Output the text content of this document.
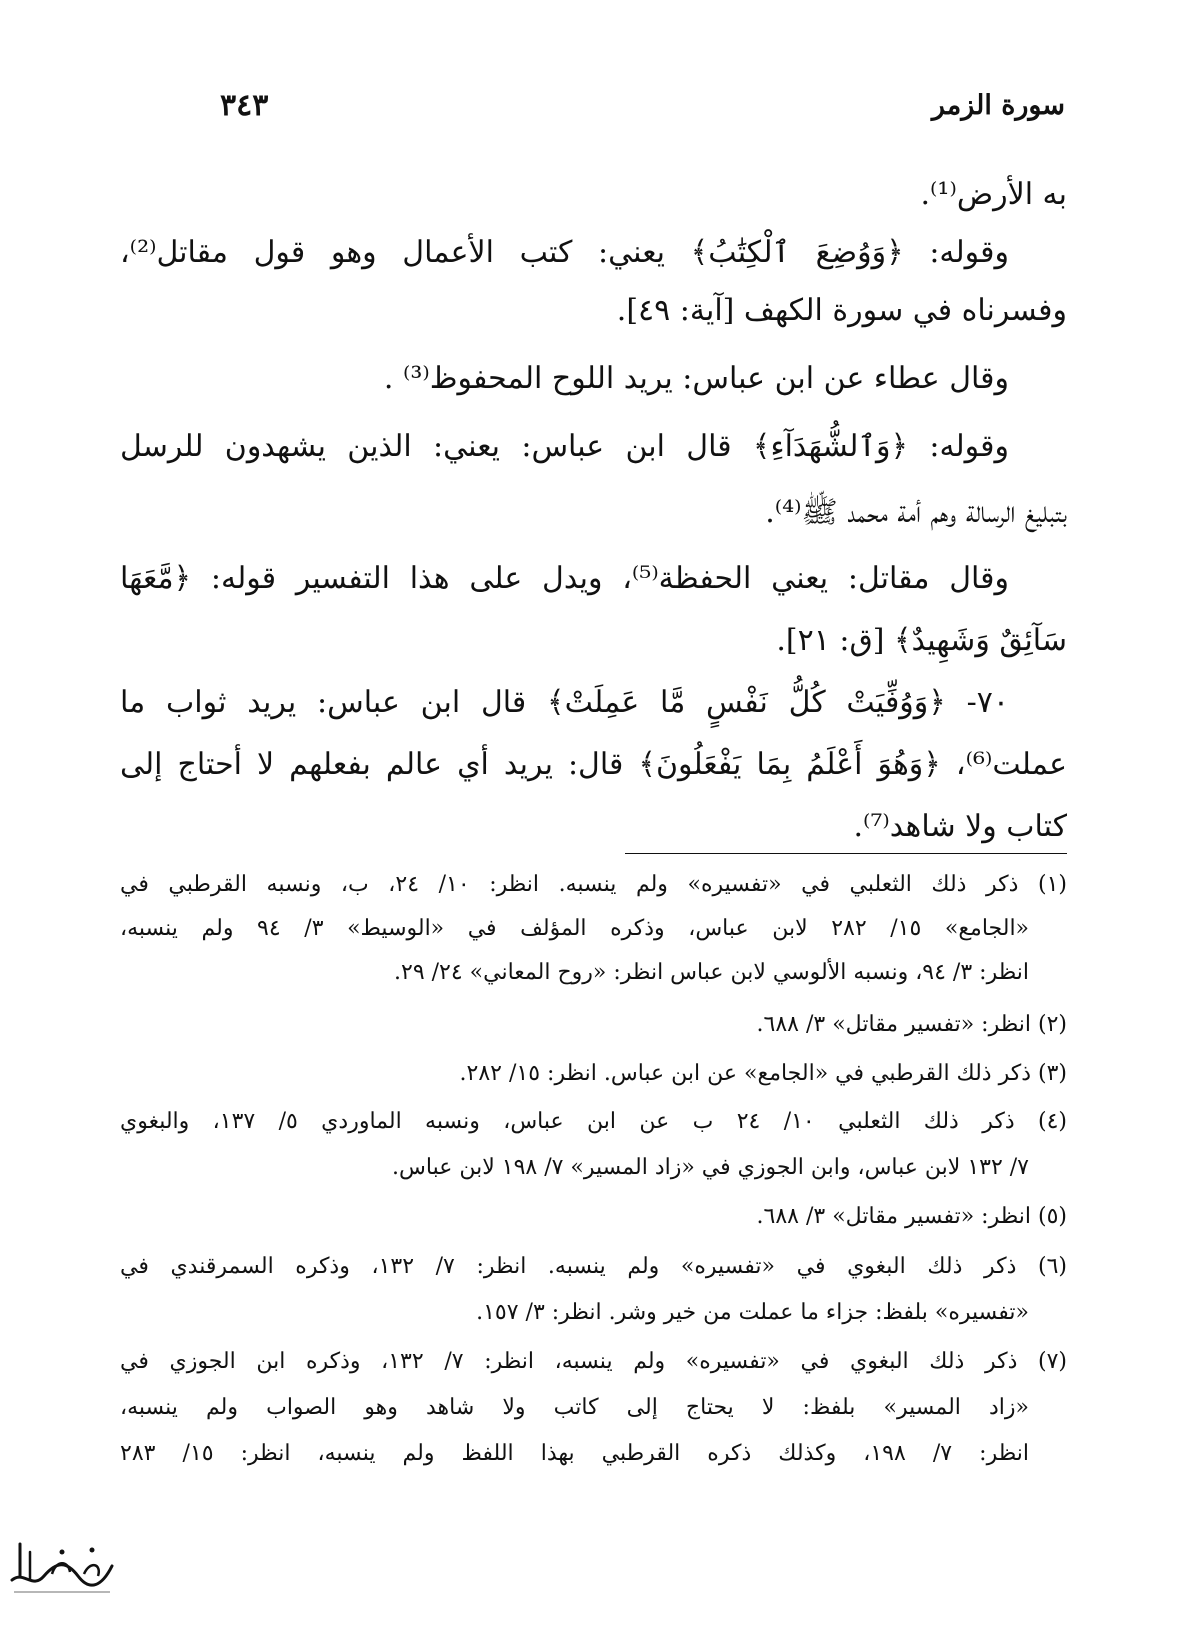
سورة الزمر
٣٤٣
به الأرض⁽¹⁾.
وقوله: ﴿وَوُضِعَ ٱلْكِتَٰبُ﴾ يعني: كتب الأعمال وهو قول مقاتل⁽²⁾،
وفسرناه في سورة الكهف [آية: ٤٩].
وقال عطاء عن ابن عباس: يريد اللوح المحفوظ⁽³⁾ .
وقوله: ﴿وَٱلشُّهَدَآءِ﴾ قال ابن عباس: يعني: الذين يشهدون للرسل
بتبليغ الرسالة وهم أمة محمد ﷺ⁽⁴⁾.
وقال مقاتل: يعني الحفظة⁽⁵⁾، ويدل على هذا التفسير قوله: ﴿مَّعَهَا
سَآئِقٌ وَشَهِيدٌ﴾ [ق: ٢١].
٧٠- ﴿وَوُفِّيَتْ كُلُّ نَفْسٍ مَّا عَمِلَتْ﴾ قال ابن عباس: يريد ثواب ما
عملت⁽⁶⁾، ﴿وَهُوَ أَعْلَمُ بِمَا يَفْعَلُونَ﴾ قال: يريد أي عالم بفعلهم لا أحتاج إلى
كتاب ولا شاهد⁽⁷⁾.
(١) ذكر ذلك الثعلبي في «تفسيره» ولم ينسبه. انظر: ١٠/ ٢٤، ب، ونسبه القرطبي في
«الجامع» ١٥/ ٢٨٢ لابن عباس، وذكره المؤلف في «الوسيط» ٣/ ٩٤ ولم ينسبه،
انظر: ٣/ ٩٤، ونسبه الألوسي لابن عباس انظر: «روح المعاني» ٢٤/ ٢٩.
(٢) انظر: «تفسير مقاتل» ٣/ ٦٨٨.
(٣) ذكر ذلك القرطبي في «الجامع» عن ابن عباس. انظر: ١٥/ ٢٨٢.
(٤) ذكر ذلك الثعلبي ١٠/ ٢٤ ب عن ابن عباس، ونسبه الماوردي ٥/ ١٣٧، والبغوي
٧/ ١٣٢ لابن عباس، وابن الجوزي في «زاد المسير» ٧/ ١٩٨ لابن عباس.
(٥) انظر: «تفسير مقاتل» ٣/ ٦٨٨.
(٦) ذكر ذلك البغوي في «تفسيره» ولم ينسبه. انظر: ٧/ ١٣٢، وذكره السمرقندي في
«تفسيره» بلفظ: جزاء ما عملت من خير وشر. انظر: ٣/ ١٥٧.
(٧) ذكر ذلك البغوي في «تفسيره» ولم ينسبه، انظر: ٧/ ١٣٢، وذكره ابن الجوزي في
«زاد المسير» بلفظ: لا يحتاج إلى كاتب ولا شاهد وهو الصواب ولم ينسبه،
انظر: ٧/ ١٩٨، وكذلك ذكره القرطبي بهذا اللفظ ولم ينسبه، انظر: ١٥/ ٢٨٣
